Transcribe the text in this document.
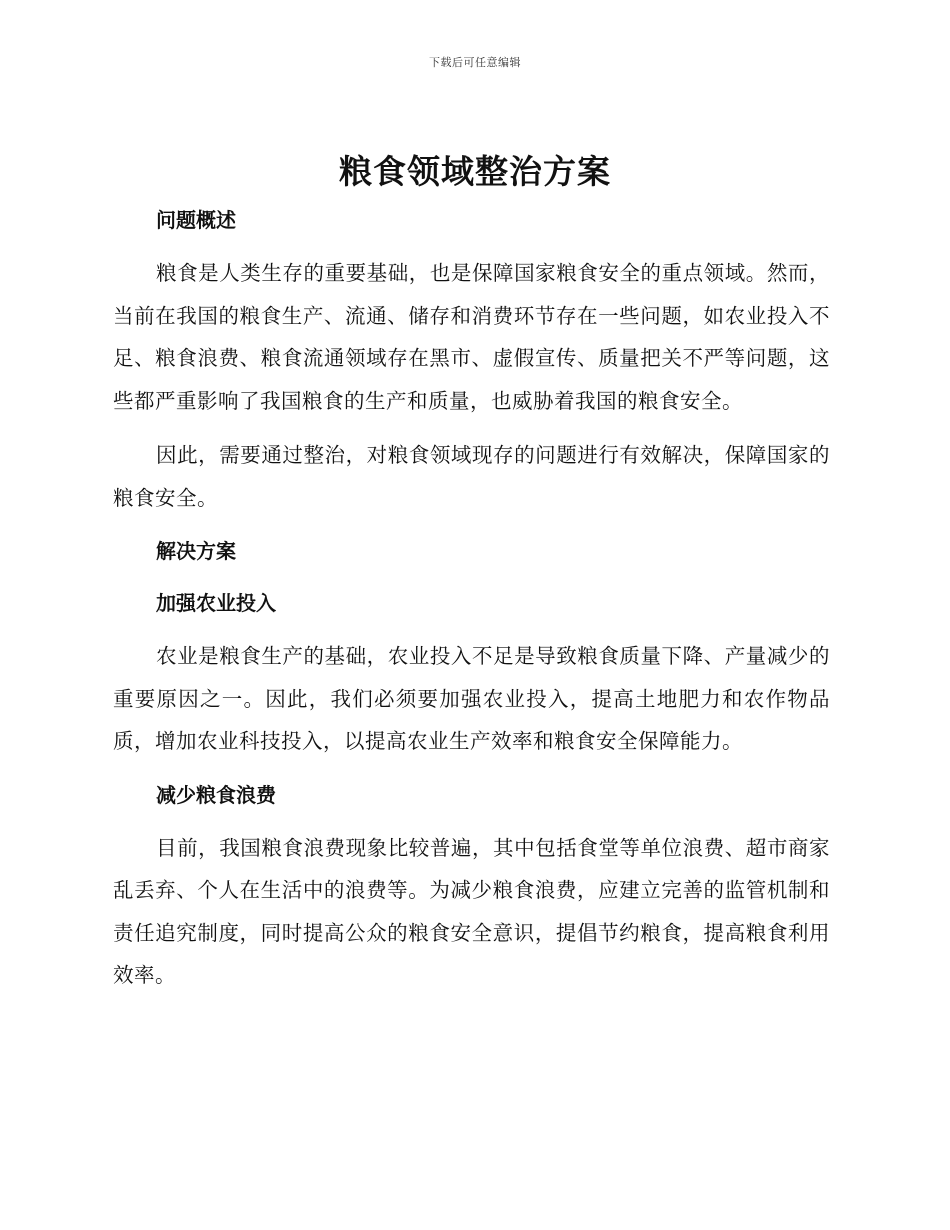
下载后可任意编辑
粮食领域整治方案
问题概述

粮食是人类生存的重要基础，也是保障国家粮食安全的重点领域。然而，当前在我国的粮食生产、流通、储存和消费环节存在一些问题，如农业投入不足、粮食浪费、粮食流通领域存在黑市、虚假宣传、质量把关不严等问题，这些都严重影响了我国粮食的生产和质量，也威胁着我国的粮食安全。

因此，需要通过整治，对粮食领域现存的问题进行有效解决，保障国家的粮食安全。

解决方案
加强农业投入

农业是粮食生产的基础，农业投入不足是导致粮食质量下降、产量减少的重要原因之一。因此，我们必须要加强农业投入，提高土地肥力和农作物品质，增加农业科技投入，以提高农业生产效率和粮食安全保障能力。

减少粮食浪费

目前，我国粮食浪费现象比较普遍，其中包括食堂等单位浪费、超市商家乱丢弃、个人在生活中的浪费等。为减少粮食浪费，应建立完善的监管机制和责任追究制度，同时提高公众的粮食安全意识，提倡节约粮食，提高粮食利用效率。
